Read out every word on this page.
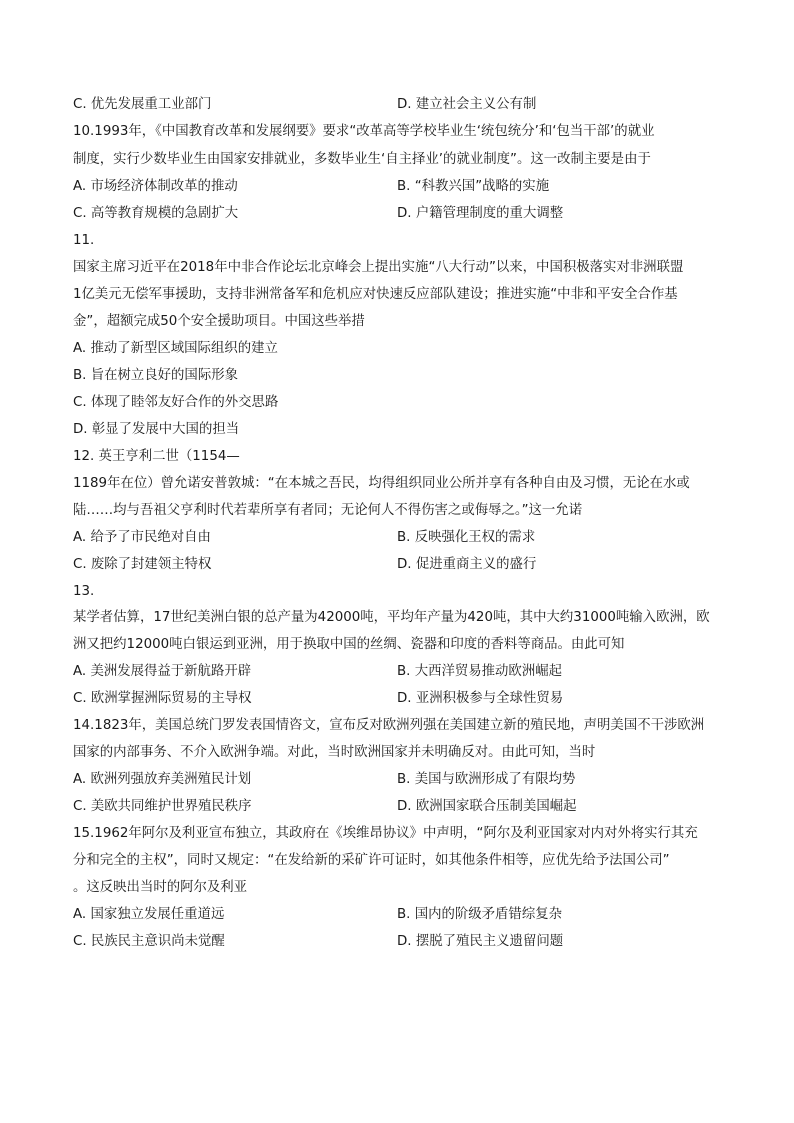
C. 优先发展重工业部门	D. 建立社会主义公有制
10.1993年，《中国教育改革和发展纲要》要求“改革高等学校毕业生‘统包统分’和‘包当干部’的就业
制度，实行少数毕业生由国家安排就业，多数毕业生‘自主择业’的就业制度”。这一改制主要是由于
A. 市场经济体制改革的推动	B. “科教兴国”战略的实施
C. 高等教育规模的急剧扩大	D. 户籍管理制度的重大调整
11.
国家主席习近平在2018年中非合作论坛北京峰会上提出实施“八大行动”以来，中国积极落实对非洲联盟
1亿美元无偿军事援助，支持非洲常备军和危机应对快速反应部队建设；推进实施“中非和平安全合作基
金”，超额完成50个安全援助项目。中国这些举措
A. 推动了新型区域国际组织的建立
B. 旨在树立良好的国际形象
C. 体现了睦邻友好合作的外交思路
D. 彰显了发展中大国的担当
12. 英王亨利二世（1154—
1189年在位）曾允诺安普敦城：“在本城之吾民，均得组织同业公所并享有各种自由及习惯，无论在水或
陆……均与吾祖父亨利时代若辈所享有者同；无论何人不得伤害之或侮辱之。”这一允诺
A. 给予了市民绝对自由	B. 反映强化王权的需求
C. 废除了封建领主特权	D. 促进重商主义的盛行
13.
某学者估算，17世纪美洲白银的总产量为42000吨，平均年产量为420吨，其中大约31000吨输入欧洲，欧
洲又把约12000吨白银运到亚洲，用于换取中国的丝绸、瓷器和印度的香料等商品。由此可知
A. 美洲发展得益于新航路开辟	B. 大西洋贸易推动欧洲崛起
C. 欧洲掌握洲际贸易的主导权	D. 亚洲积极参与全球性贸易
14.1823年，美国总统门罗发表国情咨文，宣布反对欧洲列强在美国建立新的殖民地，声明美国不干涉欧洲
国家的内部事务、不介入欧洲争端。对此，当时欧洲国家并未明确反对。由此可知，当时
A. 欧洲列强放弃美洲殖民计划	B. 美国与欧洲形成了有限均势
C. 美欧共同维护世界殖民秩序	D. 欧洲国家联合压制美国崛起
15.1962年阿尔及利亚宣布独立，其政府在《埃维昂协议》中声明，“阿尔及利亚国家对内对外将实行其充
分和完全的主权”，同时又规定：“在发给新的采矿许可证时，如其他条件相等，应优先给予法国公司”
。这反映出当时的阿尔及利亚
A. 国家独立发展任重道远	B. 国内的阶级矛盾错综复杂
C. 民族民主意识尚未觉醒	D. 摆脱了殖民主义遗留问题
